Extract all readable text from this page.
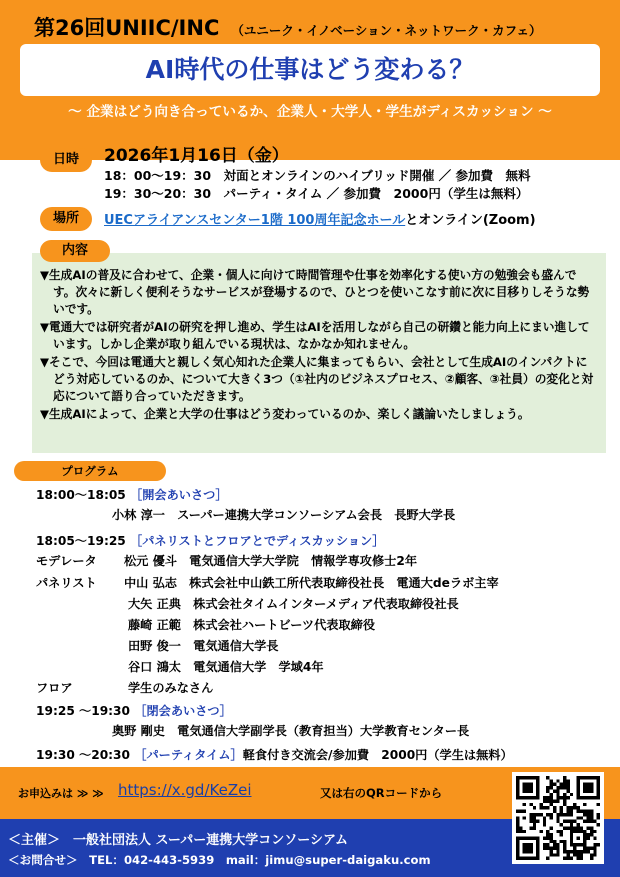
第26回UNIIC/INC （ユニーク・イノベーション・ネットワーク・カフェ）
AI時代の仕事はどう変わる？
～ 企業はどう向き合っているか、企業人・大学人・学生がディスカッション ～
日時	2026年1月16日（金）
18：00～19：30　対面とオンラインのハイブリッド開催 ／ 参加費　無料
19：30～20：30　パーティ・タイム ／ 参加費　2000円（学生は無料）
場所	UECアライアンスセンター1階 100周年記念ホールとオンライン(Zoom)
▼生成AIの普及に合わせて、企業・個人に向けて時間管理や仕事を効率化する使い方の勉強会も盛んです。次々に新しく便利そうなサービスが登場するので、ひとつを使いこなす前に次に目移りしそうな勢いです。
▼電通大では研究者がAIの研究を押し進め、学生はAIを活用しながら自己の研鑽と能力向上にまい進しています。しかし企業が取り組んでいる現状は、なかなか知れません。
▼そこで、今回は電通大と親しく気心知れた企業人に集まってもらい、会社として生成AIのインパクトにどう対応しているのか、について大きく3つ（①社内のビジネスプロセス、②顧客、③社員）の変化と対応について語り合っていただきます。
▼生成AIによって、企業と大学の仕事はどう変わっているのか、楽しく議論いたしましょう。
内容
プログラム
18:00～18:05 ［開会あいさつ］
小林 淳一　スーパー連携大学コンソーシアム会長　長野大学長
18:05～19:25 ［パネリストとフロアとでディスカッション］
モデレータ 松元 優斗　電気通信大学大学院　情報学専攻修士2年
パネリスト 中山 弘志　株式会社中山鉄工所代表取締役社長　電通大deラボ主宰
大矢 正典　株式会社タイムインターメディア代表取締役社長
藤崎 正範　株式会社ハートビーツ代表取締役
田野 俊一　電気通信大学長
谷口 鴻太　電気通信大学　学域4年
フロア	学生のみなさん
19:25 ～19:30 ［閉会あいさつ］
奥野 剛史　電気通信大学副学長（教育担当）大学教育センター長
19:30 ～20:30 ［パーティタイム］軽食付き交流会/参加費　2000円（学生は無料）
お申込みは ≫ ≫ https://x.gd/KeZei	又は右のQRコードから
＜主催＞　一般社団法人 スーパー連携大学コンソーシアム
＜お問合せ＞　TEL：042-443-5939　mail：jimu@super-daigaku.com
